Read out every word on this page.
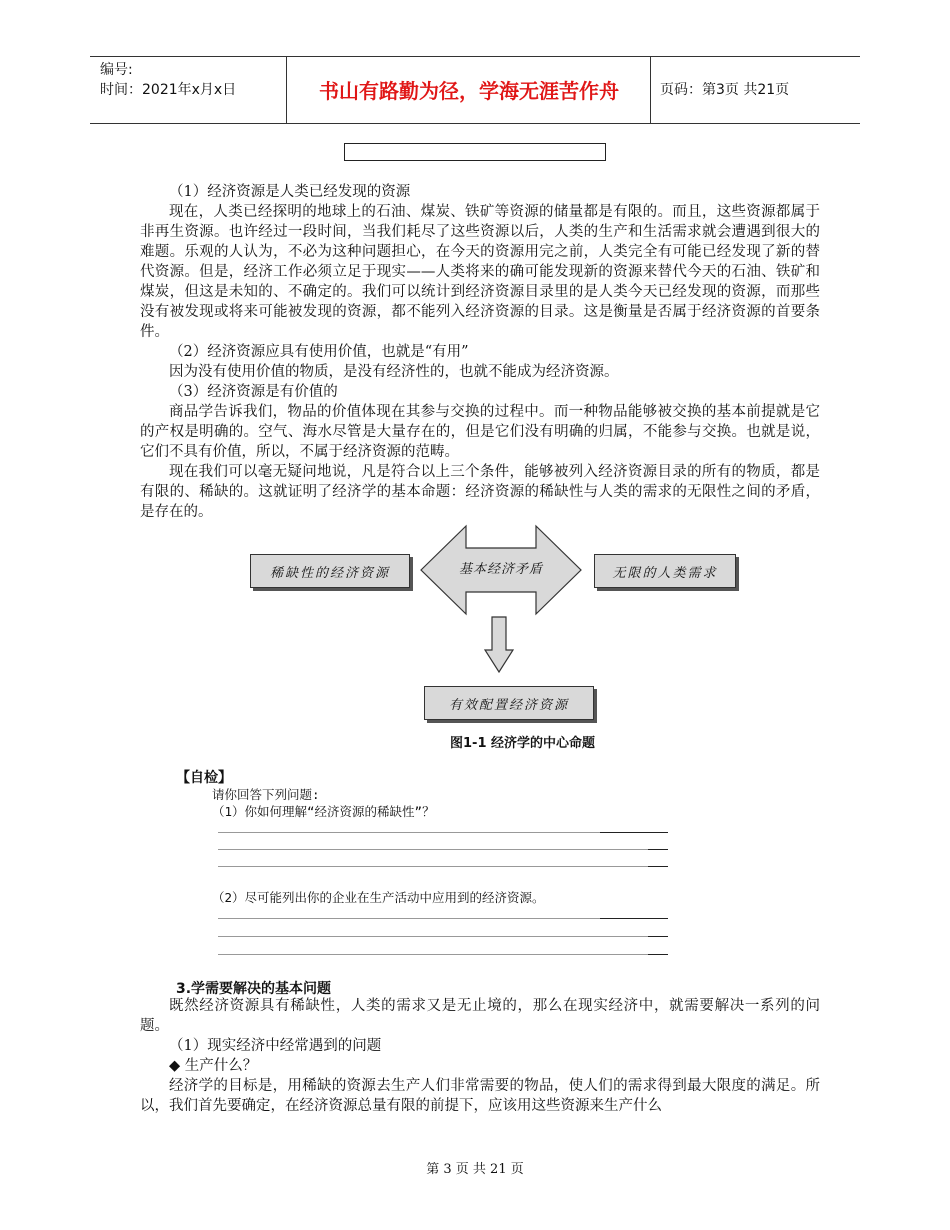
编号:
时间：2021年x月x日	书山有路勤为径，学海无涯苦作舟	页码：第3页 共21页

（1）经济资源是人类已经发现的资源

现在，人类已经探明的地球上的石油、煤炭、铁矿等资源的储量都是有限的。而且，这些资源都属于非再生资源。也许经过一段时间，当我们耗尽了这些资源以后，人类的生产和生活需求就会遭遇到很大的难题。乐观的人认为，不必为这种问题担心，在今天的资源用完之前，人类完全有可能已经发现了新的替代资源。但是，经济工作必须立足于现实——人类将来的确可能发现新的资源来替代今天的石油、铁矿和煤炭，但这是未知的、不确定的。我们可以统计到经济资源目录里的是人类今天已经发现的资源，而那些没有被发现或将来可能被发现的资源，都不能列入经济资源的目录。这是衡量是否属于经济资源的首要条件。

（2）经济资源应具有使用价值，也就是“有用”

因为没有使用价值的物质，是没有经济性的，也就不能成为经济资源。

（3）经济资源是有价值的

商品学告诉我们，物品的价值体现在其参与交换的过程中。而一种物品能够被交换的基本前提就是它的产权是明确的。空气、海水尽管是大量存在的，但是它们没有明确的归属，不能参与交换。也就是说，它们不具有价值，所以，不属于经济资源的范畴。

现在我们可以毫无疑问地说，凡是符合以上三个条件，能够被列入经济资源目录的所有的物质，都是有限的、稀缺的。这就证明了经济学的基本命题：经济资源的稀缺性与人类的需求的无限性之间的矛盾，是存在的。

稀缺性的经济资源	基本经济矛盾	无限的人类需求
有效配置经济资源
图1-1 经济学的中心命题
【自检】
请你回答下列问题:
（1）你如何理解“经济资源的稀缺性”？
（2）尽可能列出你的企业在生产活动中应用到的经济资源。
3.学需要解决的基本问题

既然经济资源具有稀缺性，人类的需求又是无止境的，那么在现实经济中，就需要解决一系列的问题。

（1）现实经济中经常遇到的问题

◆ 生产什么？

经济学的目标是，用稀缺的资源去生产人们非常需要的物品，使人们的需求得到最大限度的满足。所以，我们首先要确定，在经济资源总量有限的前提下，应该用这些资源来生产什么

第 3 页 共 21 页
